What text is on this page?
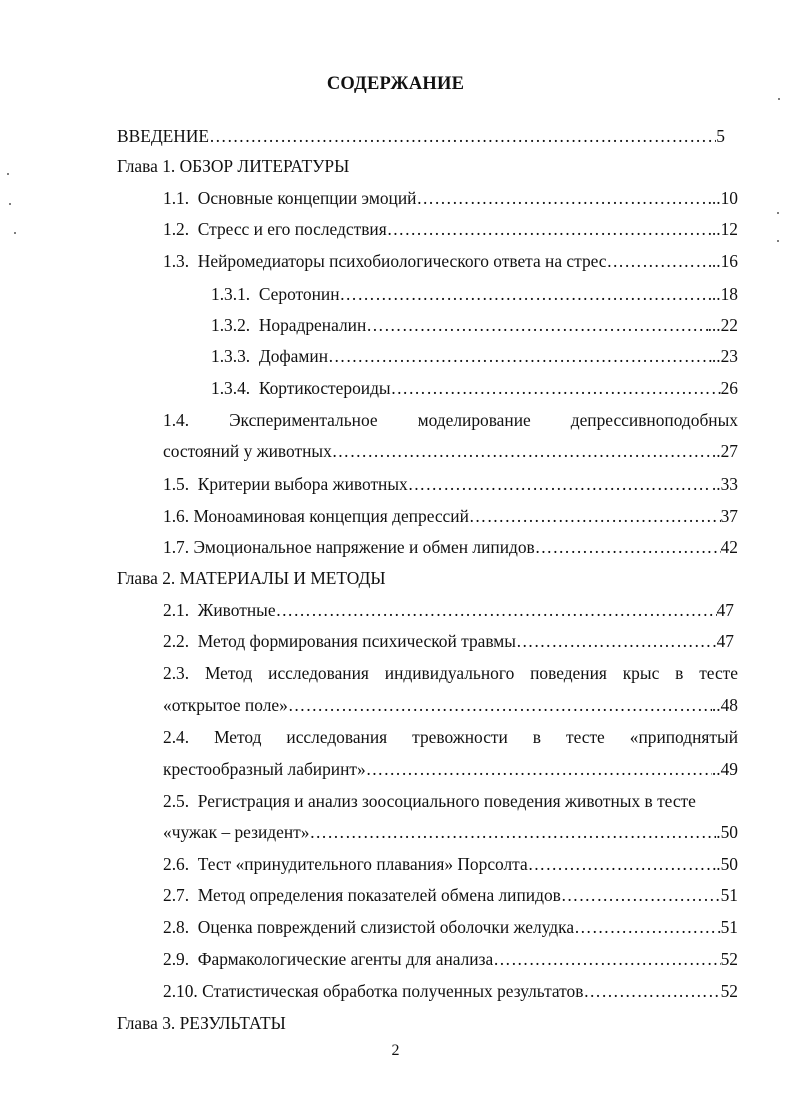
СОДЕРЖАНИЕ
ВВЕДЕНИЕ ……………………………………………………………………………………………………………………………………………………………………	5
Глава 1. ОБЗОР ЛИТЕРАТУРЫ
1.1. Основные концепции эмоций ……………………………………………………………………………………………………………………………………………………………………	..10
1.2. Стресс и его последствия ……………………………………………………………………………………………………………………………………………………………………	..12
1.3. Нейромедиаторы психобиологического ответа на стрес ……………………………………………………………………………………………………………………………………………………………………	..16
1.3.1. Серотонин ……………………………………………………………………………………………………………………………………………………………………	..18
1.3.2. Норадреналин ……………………………………………………………………………………………………………………………………………………………………	...22
1.3.3. Дофамин ……………………………………………………………………………………………………………………………………………………………………	..23
1.3.4. Кортикостероиды ……………………………………………………………………………………………………………………………………………………………………	26
1.4. Экспериментальное моделирование депрессивноподобных
состояний у животных ……………………………………………………………………………………………………………………………………………………………………	..27
1.5. Критерии выбора животных ……………………………………………………………………………………………………………………………………………………………………	..33
1.6. Моноаминовая концепция депрессий ……………………………………………………………………………………………………………………………………………………………………	37
1.7. Эмоциональное напряжение и обмен липидов ……………………………………………………………………………………………………………………………………………………………………	42
Глава 2. МАТЕРИАЛЫ И МЕТОДЫ
2.1. Животные ……………………………………………………………………………………………………………………………………………………………………	47
2.2. Метод формирования психической травмы ……………………………………………………………………………………………………………………………………………………………………	47
2.3. Метод исследования индивидуального поведения крыс в тесте
«открытое поле» ……………………………………………………………………………………………………………………………………………………………………	..48
2.4. Метод исследования тревожности в тесте «приподнятый
крестообразный лабиринт» ……………………………………………………………………………………………………………………………………………………………………	..49
2.5.  Регистрация и анализ зоосоциального поведения животных в тесте
«чужак – резидент» ……………………………………………………………………………………………………………………………………………………………………	.50
2.6. Тест «принудительного плавания» Порсолта ……………………………………………………………………………………………………………………………………………………………………	.50
2.7. Метод определения показателей обмена липидов ……………………………………………………………………………………………………………………………………………………………………	51
2.8. Оценка повреждений слизистой оболочки желудка ……………………………………………………………………………………………………………………………………………………………………	51
2.9. Фармакологические агенты для анализа ……………………………………………………………………………………………………………………………………………………………………	52
2.10. Статистическая обработка полученных результатов ……………………………………………………………………………………………………………………………………………………………………	52
Глава 3. РЕЗУЛЬТАТЫ
2
